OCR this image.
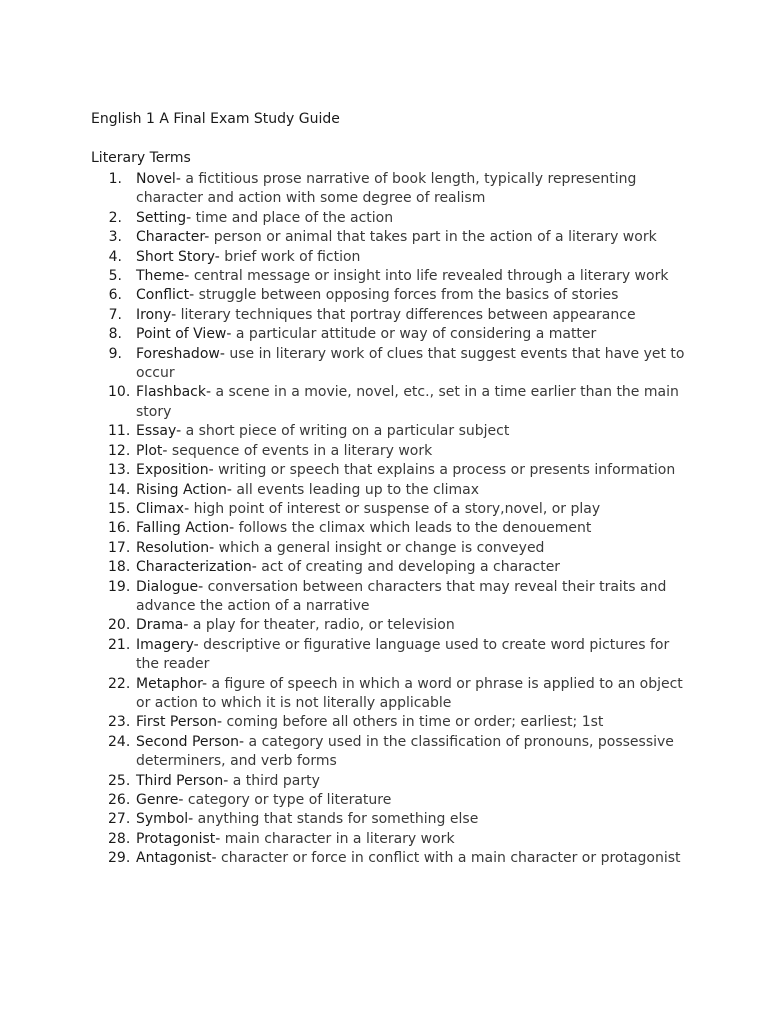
English 1 A Final Exam Study Guide
Literary Terms
1. Novel- a fictitious prose narrative of book length, typically representing character and action with some degree of realism
2. Setting- time and place of the action
3. Character- person or animal that takes part in the action of a literary work
4. Short Story- brief work of fiction
5. Theme- central message or insight into life revealed through a literary work
6. Conflict- struggle between opposing forces from the basics of stories
7. Irony- literary techniques that portray differences between appearance
8. Point of View- a particular attitude or way of considering a matter
9. Foreshadow- use in literary work of clues that suggest events that have yet to occur
10. Flashback- a scene in a movie, novel, etc., set in a time earlier than the main story
11. Essay- a short piece of writing on a particular subject
12. Plot- sequence of events in a literary work
13. Exposition- writing or speech that explains a process or presents information
14. Rising Action- all events leading up to the climax
15. Climax- high point of interest or suspense of a story,novel, or play
16. Falling Action- follows the climax which leads to the denouement
17. Resolution- which a general insight or change is conveyed
18. Characterization- act of creating and developing a character
19. Dialogue- conversation between characters that may reveal their traits and advance the action of a narrative
20. Drama- a play for theater, radio, or television
21. Imagery- descriptive or figurative language used to create word pictures for the reader
22. Metaphor- a figure of speech in which a word or phrase is applied to an object or action to which it is not literally applicable
23. First Person- coming before all others in time or order; earliest; 1st
24. Second Person- a category used in the classification of pronouns, possessive determiners, and verb forms
25. Third Person- a third party
26. Genre- category or type of literature
27. Symbol- anything that stands for something else
28. Protagonist- main character in a literary work
29. Antagonist- character or force in conflict with a main character or protagonist
